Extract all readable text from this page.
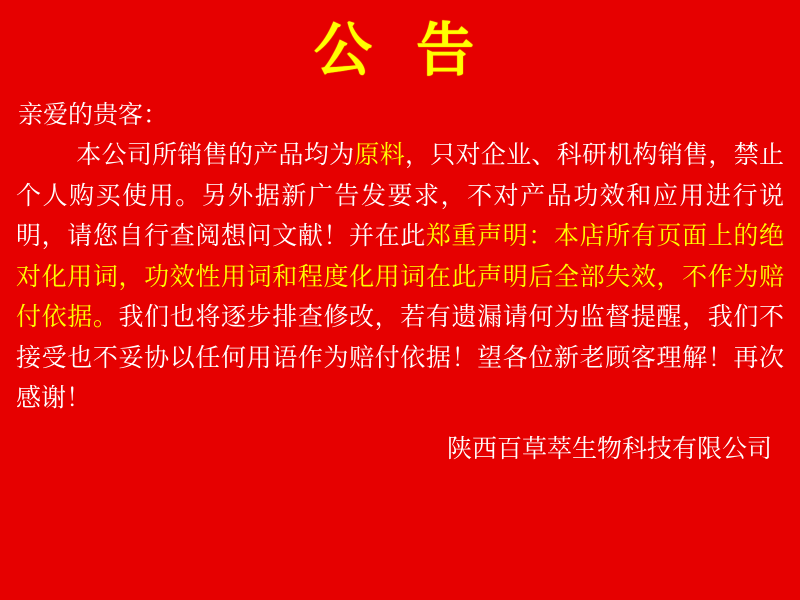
公 告
亲爱的贵客：
本公司所销售的产品均为原料，只对企业、科研机构销售，禁止个人购买使用。另外据新广告发要求，不对产品功效和应用进行说明，请您自行查阅想问文献！并在此郑重声明：本店所有页面上的绝对化用词，功效性用词和程度化用词在此声明后全部失效，不作为赔付依据。我们也将逐步排查修改，若有遗漏请何为监督提醒，我们不接受也不妥协以任何用语作为赔付依据！望各位新老顾客理解！再次感谢！
陕西百草萃生物科技有限公司
